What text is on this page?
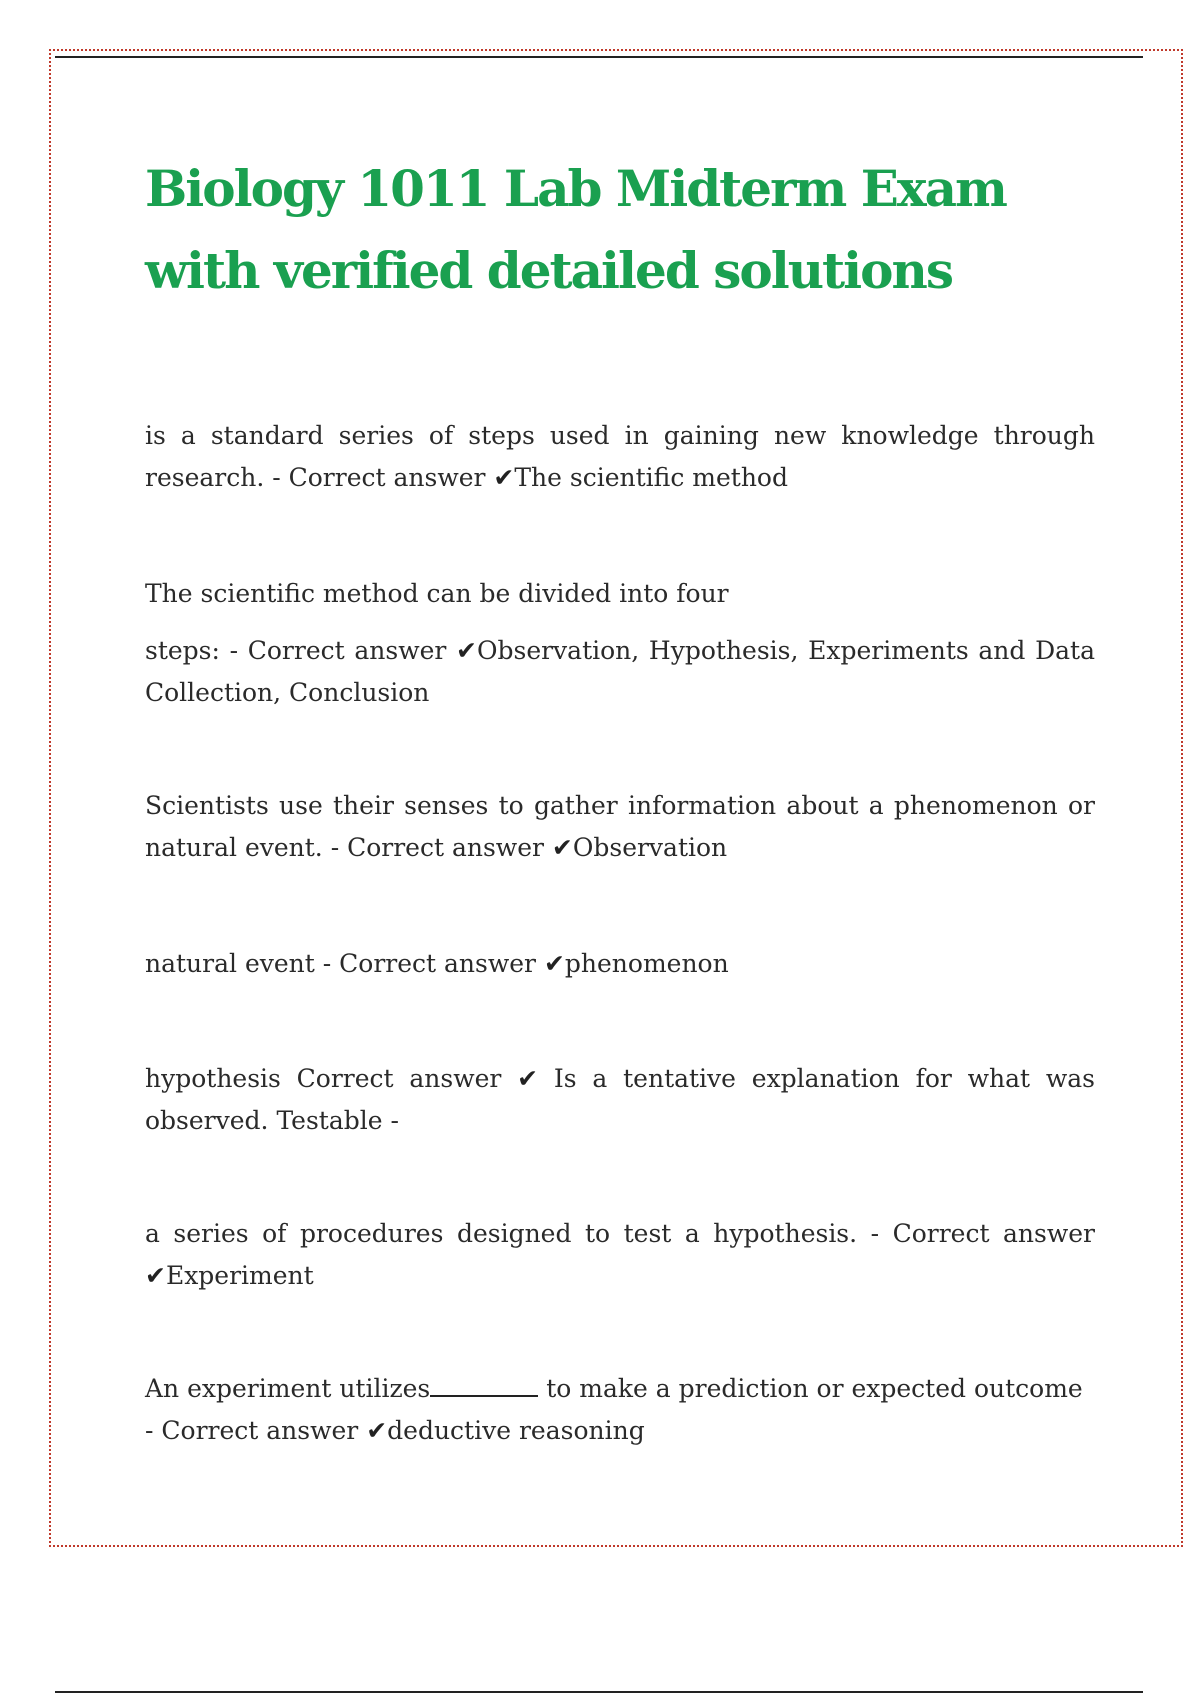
Biology 1011 Lab Midterm Exam with verified detailed solutions

is a standard series of steps used in gaining new knowledge through research. - Correct answer ✔The scientific method

The scientific method can be divided into four

steps: - Correct answer ✔Observation, Hypothesis, Experiments and Data Collection, Conclusion

Scientists use their senses to gather information about a phenomenon or natural event. - Correct answer ✔Observation

natural event - Correct answer ✔phenomenon

hypothesis Correct answer ✔ Is a tentative explanation for what was observed. Testable -

a series of procedures designed to test a hypothesis. - Correct answer ✔Experiment

An experiment utilizes	to make a prediction or expected outcome - Correct answer ✔deductive reasoning
